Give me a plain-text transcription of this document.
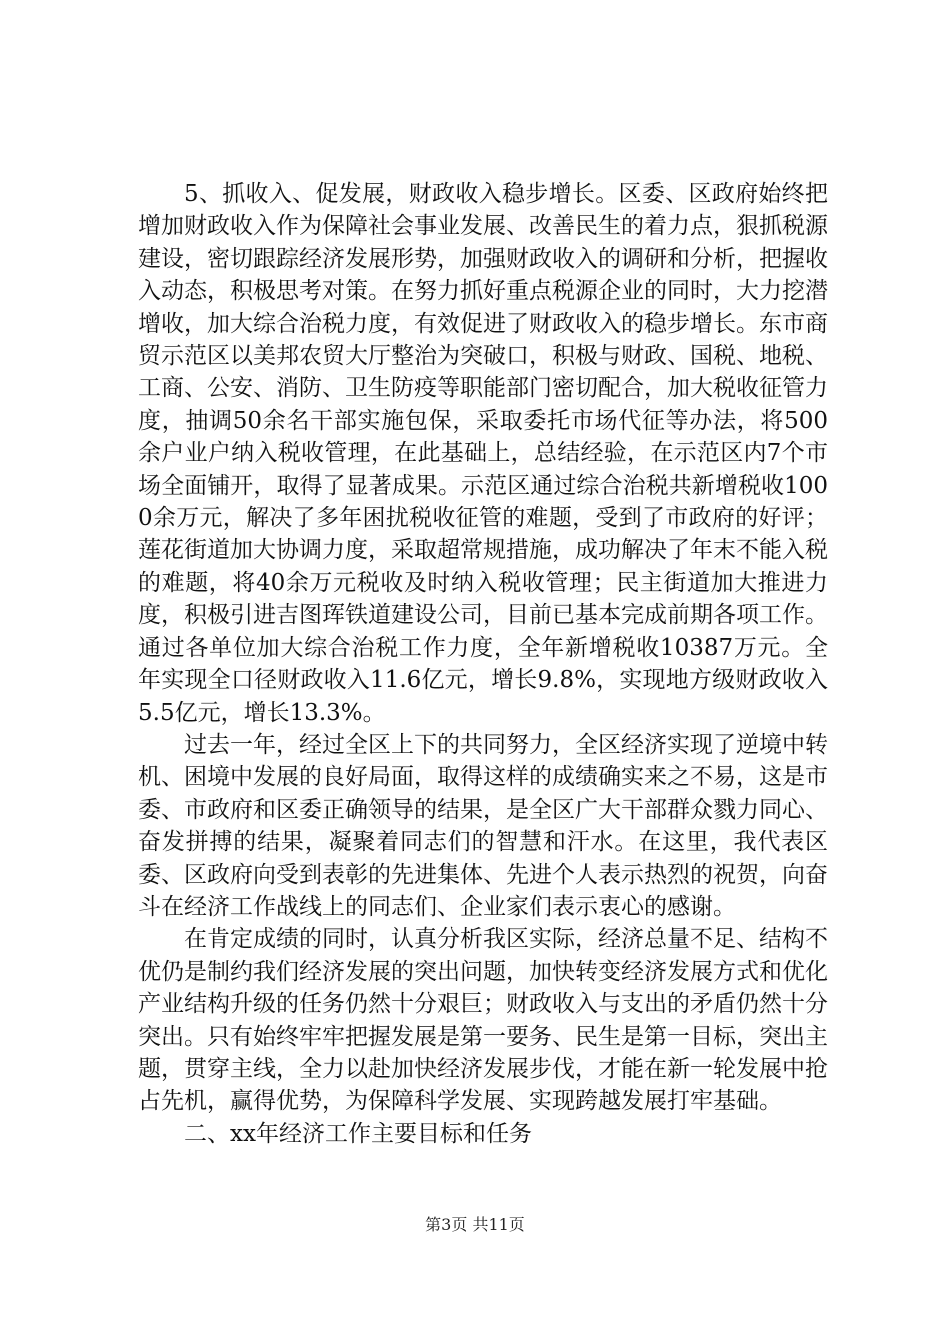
5、抓收入、促发展，财政收入稳步增长。区委、区政府始终把增加财政收入作为保障社会事业发展、改善民生的着力点，狠抓税源建设，密切跟踪经济发展形势，加强财政收入的调研和分析，把握收入动态，积极思考对策。在努力抓好重点税源企业的同时，大力挖潜增收，加大综合治税力度，有效促进了财政收入的稳步增长。东市商贸示范区以美邦农贸大厅整治为突破口，积极与财政、国税、地税、工商、公安、消防、卫生防疫等职能部门密切配合，加大税收征管力度，抽调50余名干部实施包保，采取委托市场代征等办法，将500余户业户纳入税收管理，在此基础上，总结经验，在示范区内7个市场全面铺开，取得了显著成果。示范区通过综合治税共新增税收1000余万元，解决了多年困扰税收征管的难题，受到了市政府的好评；莲花街道加大协调力度，采取超常规措施，成功解决了年末不能入税的难题，将40余万元税收及时纳入税收管理；民主街道加大推进力度，积极引进吉图珲铁道建设公司，目前已基本完成前期各项工作。通过各单位加大综合治税工作力度，全年新增税收10387万元。全年实现全口径财政收入11.6亿元，增长9.8%，实现地方级财政收入5.5亿元，增长13.3%。

过去一年，经过全区上下的共同努力，全区经济实现了逆境中转机、困境中发展的良好局面，取得这样的成绩确实来之不易，这是市委、市政府和区委正确领导的结果，是全区广大干部群众戮力同心、奋发拼搏的结果，凝聚着同志们的智慧和汗水。在这里，我代表区委、区政府向受到表彰的先进集体、先进个人表示热烈的祝贺，向奋斗在经济工作战线上的同志们、企业家们表示衷心的感谢。

在肯定成绩的同时，认真分析我区实际，经济总量不足、结构不优仍是制约我们经济发展的突出问题，加快转变经济发展方式和优化产业结构升级的任务仍然十分艰巨；财政收入与支出的矛盾仍然十分突出。只有始终牢牢把握发展是第一要务、民生是第一目标，突出主题，贯穿主线，全力以赴加快经济发展步伐，才能在新一轮发展中抢占先机，赢得优势，为保障科学发展、实现跨越发展打牢基础。

二、xx年经济工作主要目标和任务

第3页 共11页
